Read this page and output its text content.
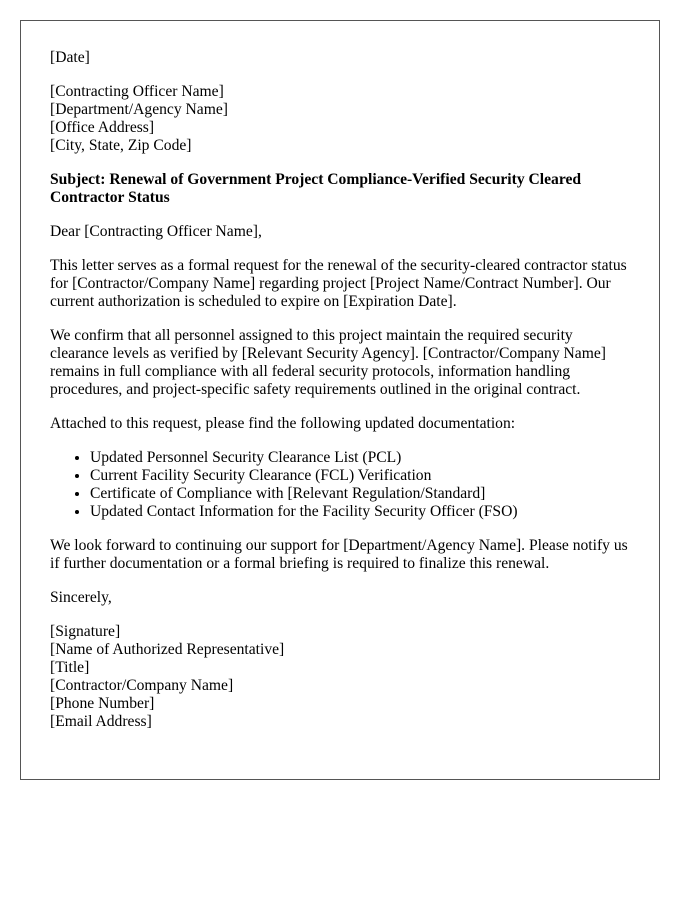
[Date]
[Contracting Officer Name]
[Department/Agency Name]
[Office Address]
[City, State, Zip Code]

Subject: Renewal of Government Project Compliance-Verified Security Cleared Contractor Status

Dear [Contracting Officer Name],

This letter serves as a formal request for the renewal of the security-cleared contractor status for [Contractor/Company Name] regarding project [Project Name/Contract Number]. Our current authorization is scheduled to expire on [Expiration Date].

We confirm that all personnel assigned to this project maintain the required security clearance levels as verified by [Relevant Security Agency]. [Contractor/Company Name] remains in full compliance with all federal security protocols, information handling procedures, and project-specific safety requirements outlined in the original contract.

Attached to this request, please find the following updated documentation:

• Updated Personnel Security Clearance List (PCL)
• Current Facility Security Clearance (FCL) Verification
• Certificate of Compliance with [Relevant Regulation/Standard]
• Updated Contact Information for the Facility Security Officer (FSO)

We look forward to continuing our support for [Department/Agency Name]. Please notify us if further documentation or a formal briefing is required to finalize this renewal.

Sincerely,

[Signature]
[Name of Authorized Representative]
[Title]
[Contractor/Company Name]
[Phone Number]
[Email Address]
